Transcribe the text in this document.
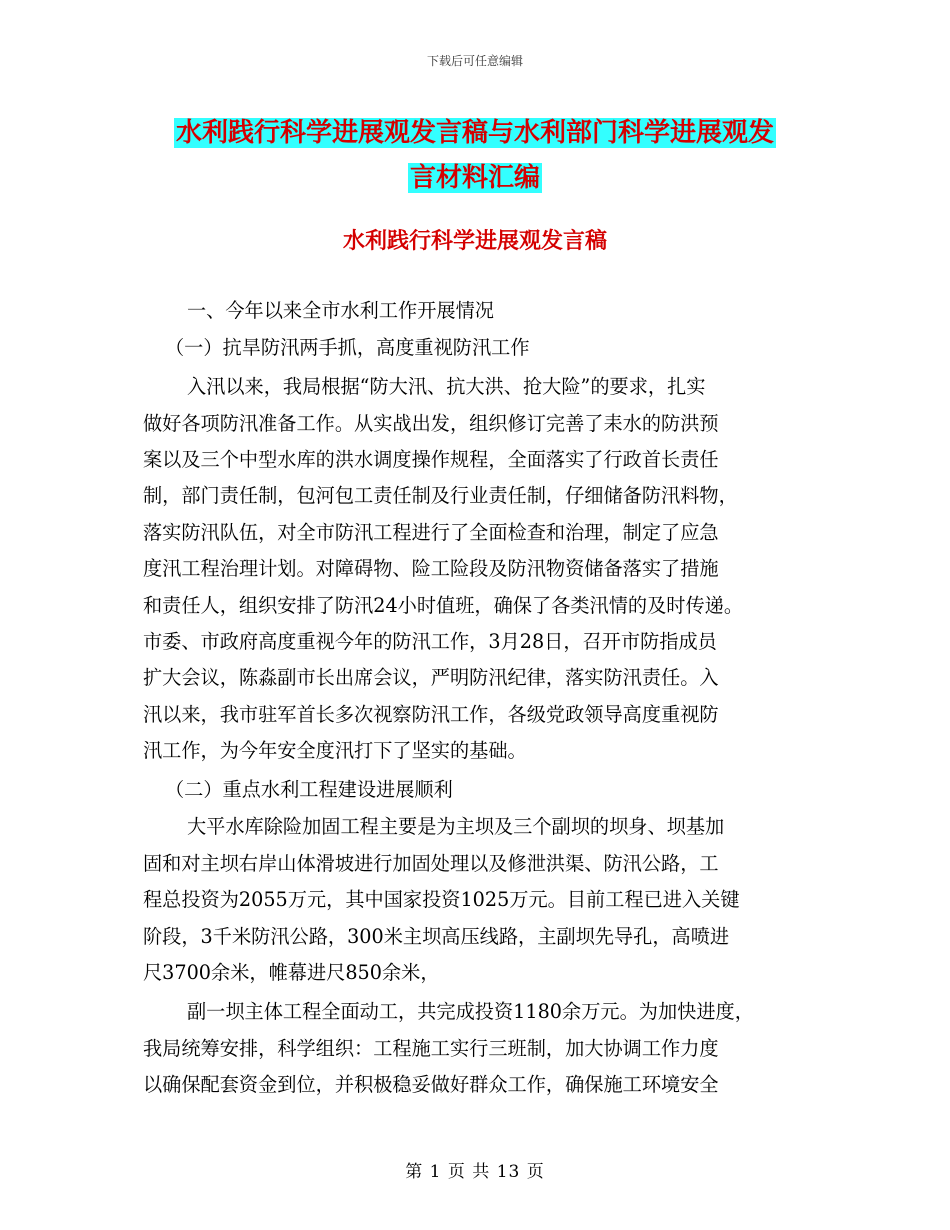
下载后可任意编辑
水利践行科学进展观发言稿与水利部门科学进展观发
言材料汇编
水利践行科学进展观发言稿
一、今年以来全市水利工作开展情况
（一）抗旱防汛两手抓，高度重视防汛工作
入汛以来，我局根据“防大汛、抗大洪、抢大险”的要求，扎实
做好各项防汛准备工作。从实战出发，组织修订完善了耒水的防洪预
案以及三个中型水库的洪水调度操作规程，全面落实了行政首长责任
制，部门责任制，包河包工责任制及行业责任制，仔细储备防汛料物，
落实防汛队伍，对全市防汛工程进行了全面检查和治理，制定了应急
度汛工程治理计划。对障碍物、险工险段及防汛物资储备落实了措施
和责任人，组织安排了防汛24小时值班，确保了各类汛情的及时传递。
市委、市政府高度重视今年的防汛工作，3月28日，召开市防指成员
扩大会议，陈淼副市长出席会议，严明防汛纪律，落实防汛责任。入
汛以来，我市驻军首长多次视察防汛工作，各级党政领导高度重视防
汛工作，为今年安全度汛打下了坚实的基础。
（二）重点水利工程建设进展顺利
大平水库除险加固工程主要是为主坝及三个副坝的坝身、坝基加
固和对主坝右岸山体滑坡进行加固处理以及修泄洪渠、防汛公路，工
程总投资为2055万元，其中国家投资1025万元。目前工程已进入关键
阶段，3千米防汛公路，300米主坝高压线路，主副坝先导孔，高喷进
尺3700余米，帷幕进尺850余米，
副一坝主体工程全面动工，共完成投资1180余万元。为加快进度，
我局统筹安排，科学组织：工程施工实行三班制，加大协调工作力度
以确保配套资金到位，并积极稳妥做好群众工作，确保施工环境安全
第 1 页 共 13 页
